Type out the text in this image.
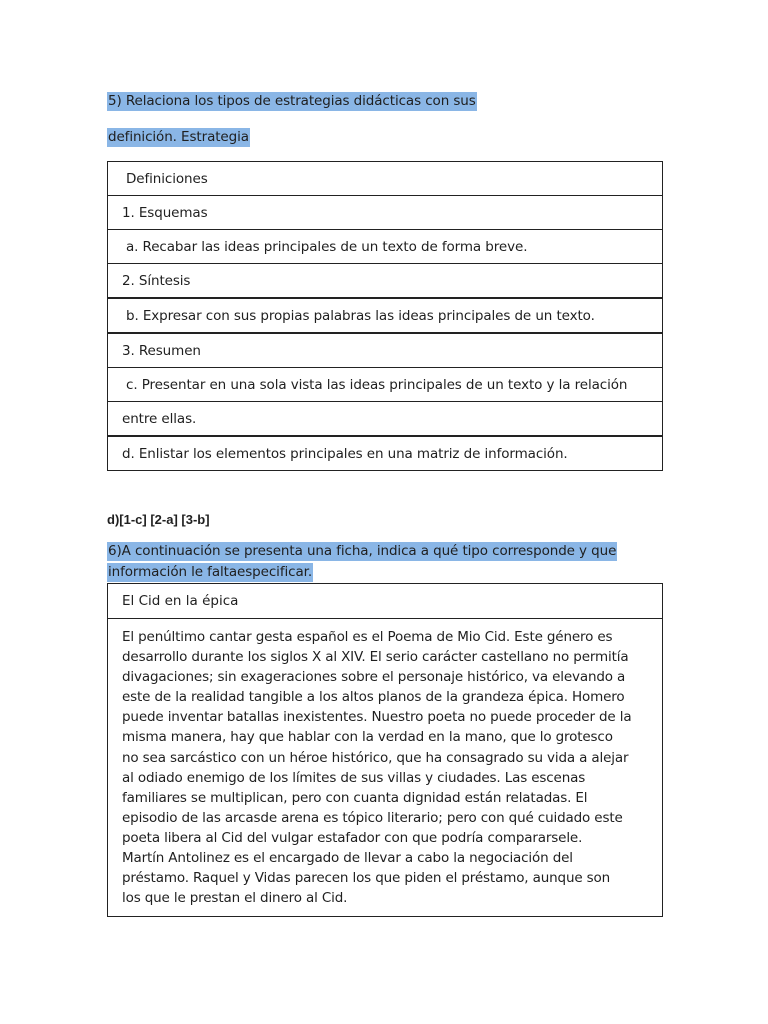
5) Relaciona los tipos de estrategias didácticas con sus
definición. Estrategia
Definiciones
1. Esquemas
a. Recabar las ideas principales de un texto de forma breve.
2. Síntesis
b. Expresar con sus propias palabras las ideas principales de un texto.
3. Resumen
c. Presentar en una sola vista las ideas principales de un texto y la relación
entre ellas.
d. Enlistar los elementos principales en una matriz de información.
d)[1-c] [2-a] [3-b]
6)A continuación se presenta una ficha, indica a qué tipo corresponde y que
información le faltaespecificar.
El Cid en la épica
El penúltimo cantar gesta español es el Poema de Mio Cid. Este género es
desarrollo durante los siglos X al XIV. El serio carácter castellano no permitía
divagaciones; sin exageraciones sobre el personaje histórico, va elevando a
este de la realidad tangible a los altos planos de la grandeza épica. Homero
puede inventar batallas inexistentes. Nuestro poeta no puede proceder de la
misma manera, hay que hablar con la verdad en la mano, que lo grotesco
no sea sarcástico con un héroe histórico, que ha consagrado su vida a alejar
al odiado enemigo de los límites de sus villas y ciudades. Las escenas
familiares se multiplican, pero con cuanta dignidad están relatadas. El
episodio de las arcasde arena es tópico literario; pero con qué cuidado este
poeta libera al Cid del vulgar estafador con que podría compararsele.
Martín Antolinez es el encargado de llevar a cabo la negociación del
préstamo. Raquel y Vidas parecen los que piden el préstamo, aunque son
los que le prestan el dinero al Cid.
